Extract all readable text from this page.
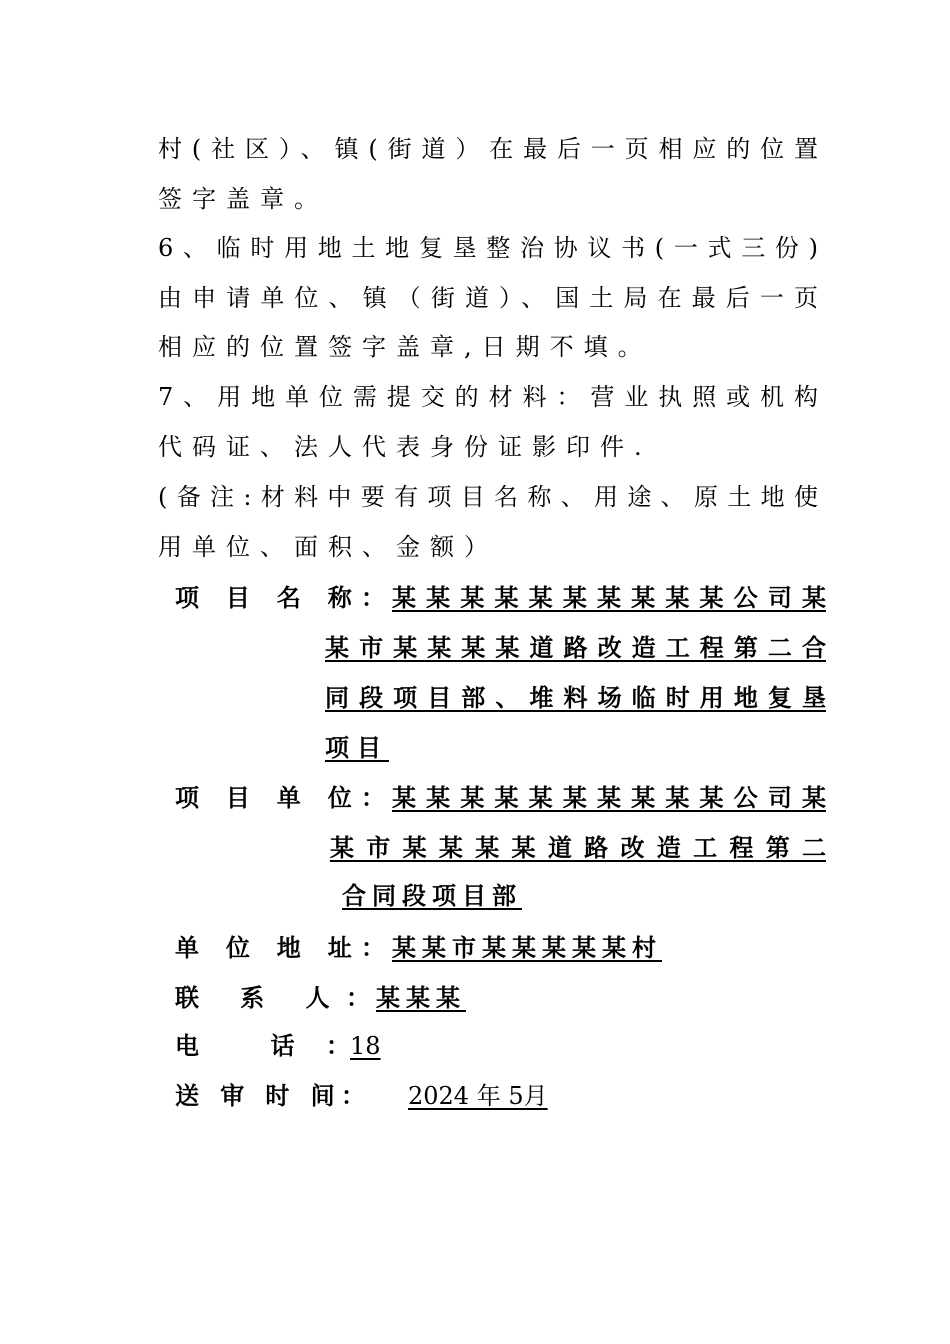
村(社区）、镇(街道）在最后一页相应的位置
签字盖章。
6、临时用地土地复垦整治协议书(一式三份)
由申请单位、镇（街道）、国土局在最后一页
相应的位置签字盖章,日期不填。
7、用地单位需提交的材料：营业执照或机构
代码证、法人代表身份证影印件.
(备注:材料中要有项目名称、用途、原土地使
用单位、面积、金额）
项 目 名 称： 某某某某某某某某某某公司某
某市某某某某道路改造工程第二合
同段项目部、堆料场临时用地复垦
项目
项 目 单 位： 某某某某某某某某某某公司某
某市某某某某道路改造工程第二
合同段项目部
单 位 地 址： 某某市某某某某某村
联 系 人： 某某某
电 话： 18
送 审 时 间：	2024 年 5月
